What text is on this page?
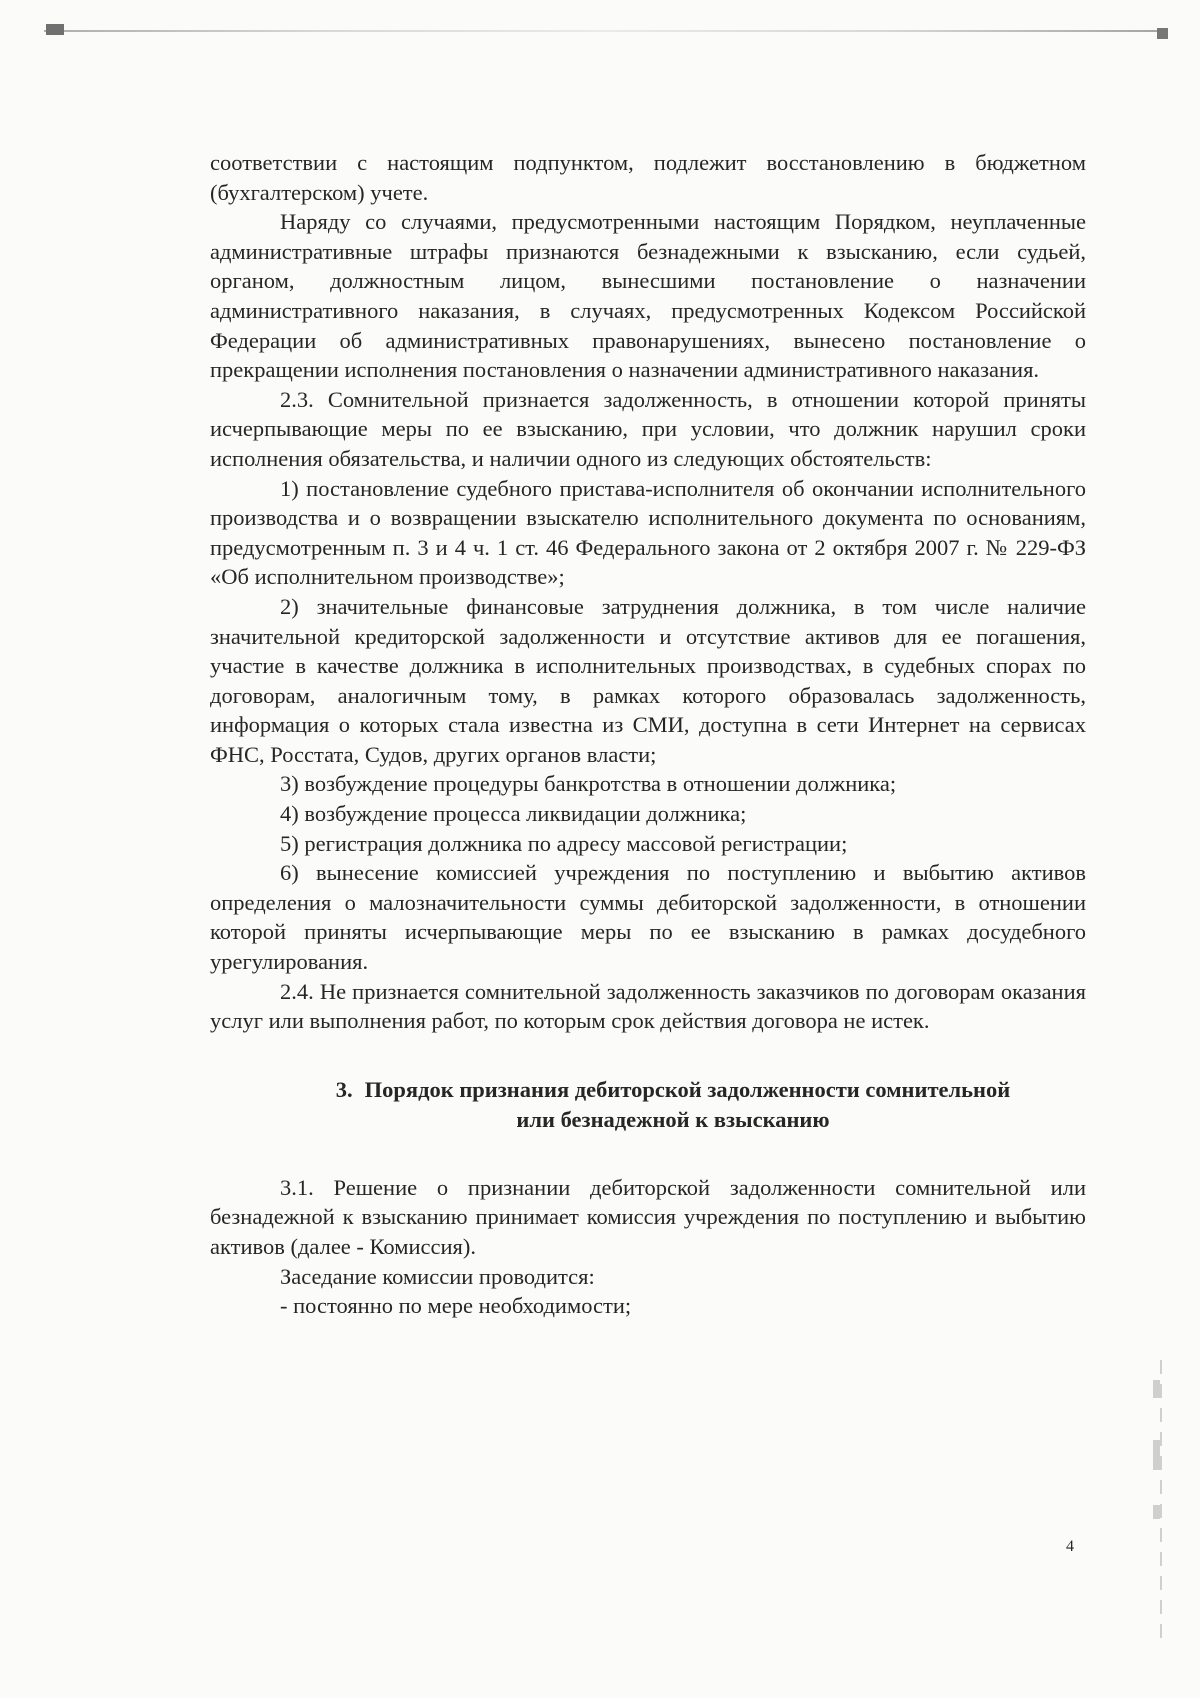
соответствии с настоящим подпунктом, подлежит восстановлению в бюджетном (бухгалтерском) учете.

Наряду со случаями, предусмотренными настоящим Порядком, неуплаченные административные штрафы признаются безнадежными к взысканию, если судьей, органом, должностным лицом, вынесшими постановление о назначении административного наказания, в случаях, предусмотренных Кодексом Российской Федерации об административных правонарушениях, вынесено постановление о прекращении исполнения постановления о назначении административного наказания.

2.3. Сомнительной признается задолженность, в отношении которой приняты исчерпывающие меры по ее взысканию, при условии, что должник нарушил сроки исполнения обязательства, и наличии одного из следующих обстоятельств:

1) постановление судебного пристава-исполнителя об окончании исполнительного производства и о возвращении взыскателю исполнительного документа по основаниям, предусмотренным п. 3 и 4 ч. 1 ст. 46 Федерального закона от 2 октября 2007 г. № 229-ФЗ «Об исполнительном производстве»;

2) значительные финансовые затруднения должника, в том числе наличие значительной кредиторской задолженности и отсутствие активов для ее погашения, участие в качестве должника в исполнительных производствах, в судебных спорах по договорам, аналогичным тому, в рамках которого образовалась задолженность, информация о которых стала известна из СМИ, доступна в сети Интернет на сервисах ФНС, Росстата, Судов, других органов власти;

3) возбуждение процедуры банкротства в отношении должника;

4) возбуждение процесса ликвидации должника;

5) регистрация должника по адресу массовой регистрации;

6) вынесение комиссией учреждения по поступлению и выбытию активов определения о малозначительности суммы дебиторской задолженности, в отношении которой приняты исчерпывающие меры по ее взысканию в рамках досудебного урегулирования.

2.4. Не признается сомнительной задолженность заказчиков по договорам оказания услуг или выполнения работ, по которым срок действия договора не истек.

3. Порядок признания дебиторской задолженности сомнительной
или безнадежной к взысканию

3.1. Решение о признании дебиторской задолженности сомнительной или безнадежной к взысканию принимает комиссия учреждения по поступлению и выбытию активов (далее - Комиссия).

Заседание комиссии проводится:

- постоянно по мере необходимости;

4
